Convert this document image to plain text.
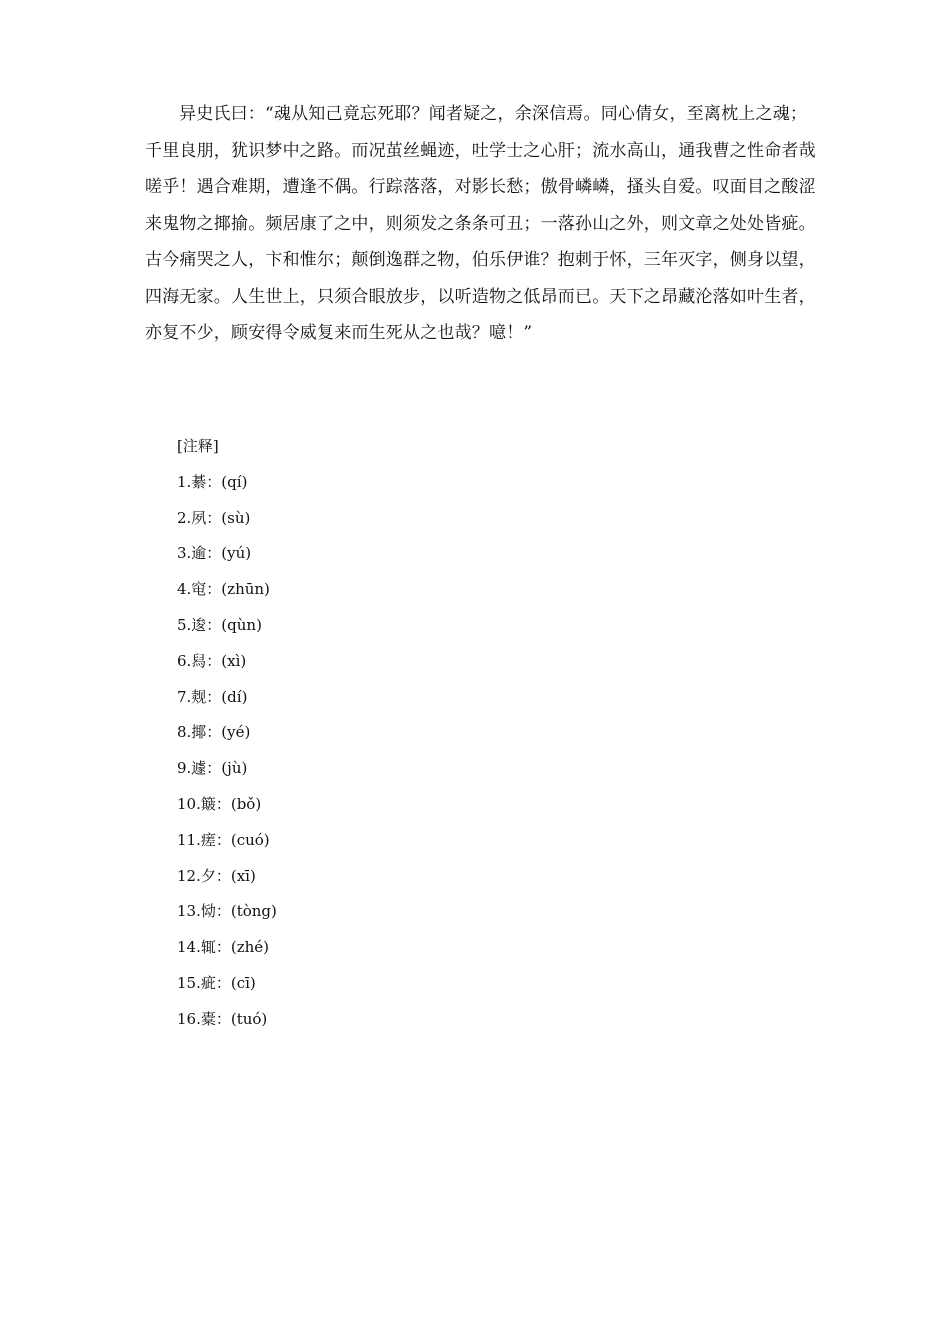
异史氏曰：“魂从知己竟忘死耶？闻者疑之，余深信焉。同心倩女，至离枕上之魂；
千里良朋，犹识梦中之路。而况茧丝蝇迹，吐学士之心肝；流水高山，通我曹之性命者哉
嗟乎！遇合难期，遭逢不偶。行踪落落，对影长愁；傲骨嶙嶙，搔头自爱。叹面目之酸涩
来鬼物之揶揄。频居康了之中，则须发之条条可丑；一落孙山之外，则文章之处处皆疵。
古今痛哭之人，卞和惟尔；颠倒逸群之物，伯乐伊谁？抱刺于怀，三年灭字，侧身以望，
四海无家。人生世上，只须合眼放步，以听造物之低昂而已。天下之昂藏沦落如叶生者，
亦复不少，顾安得令威复来而生死从之也哉？噫！”

[注释]
1.綦：(qí)
2.夙：(sù)
3.逾：(yú)
4.窀：(zhūn)
5.逡：(qùn)
6.舄：(xì)
7.觌：(dí)
8.揶：(yé)
9.遽：(jù)
10.簸：(bǒ)
11.瘥：(cuó)
12.夕：(xī)
13.恸：(tòng)
14.辄：(zhé)
15.疵：(cī)
16.橐：(tuó)
